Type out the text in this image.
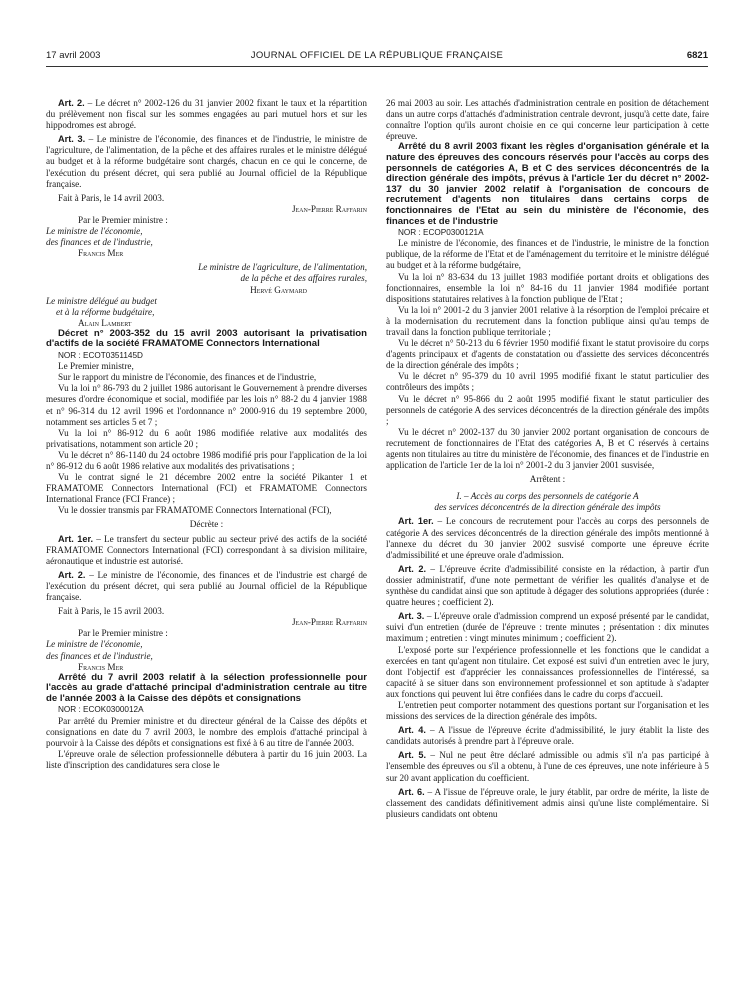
17 avril 2003	JOURNAL OFFICIEL DE LA RÉPUBLIQUE FRANÇAISE	6821

Art. 2. – Le décret n° 2002-126 du 31 janvier 2002 fixant le taux et la répartition du prélèvement non fiscal sur les sommes engagées au pari mutuel hors et sur les hippodromes est abrogé.

Art. 3. – Le ministre de l'économie, des finances et de l'industrie, le ministre de l'agriculture, de l'alimentation, de la pêche et des affaires rurales et le ministre délégué au budget et à la réforme budgétaire sont chargés, chacun en ce qui le concerne, de l'exécution du présent décret, qui sera publié au Journal officiel de la République française.

Fait à Paris, le 14 avril 2003.

Jean-Pierre Raffarin

Par le Premier ministre :

Le ministre de l'économie,

des finances et de l'industrie,

Francis Mer

Le ministre de l'agriculture, de l'alimentation,

de la pêche et des affaires rurales,

Hervé Gaymard

Le ministre délégué au budget

et à la réforme budgétaire,

Alain Lambert

Décret n° 2003-352 du 15 avril 2003 autorisant la privatisation d'actifs de la société FRAMATOME Connectors International

NOR : ECOT0351145D

Le Premier ministre,

Sur le rapport du ministre de l'économie, des finances et de l'industrie,

Vu la loi n° 86-793 du 2 juillet 1986 autorisant le Gouvernement à prendre diverses mesures d'ordre économique et social, modifiée par les lois n° 88-2 du 4 janvier 1988 et n° 96-314 du 12 avril 1996 et l'ordonnance n° 2000-916 du 19 septembre 2000, notamment ses articles 5 et 7 ;

Vu la loi n° 86-912 du 6 août 1986 modifiée relative aux modalités des privatisations, notamment son article 20 ;

Vu le décret n° 86-1140 du 24 octobre 1986 modifié pris pour l'application de la loi n° 86-912 du 6 août 1986 relative aux modalités des privatisations ;

Vu le contrat signé le 21 décembre 2002 entre la société Pikanter 1 et FRAMATOME Connectors International (FCI) et FRAMATOME Connectors International France (FCI France) ;

Vu le dossier transmis par FRAMATOME Connectors International (FCI),

Décrète :

Art. 1er. – Le transfert du secteur public au secteur privé des actifs de la société FRAMATOME Connectors International (FCI) correspondant à sa division militaire, aéronautique et industrie est autorisé.

Art. 2. – Le ministre de l'économie, des finances et de l'industrie est chargé de l'exécution du présent décret, qui sera publié au Journal officiel de la République française.

Fait à Paris, le 15 avril 2003.

Jean-Pierre Raffarin

Par le Premier ministre :

Le ministre de l'économie,

des finances et de l'industrie,

Francis Mer

Arrêté du 7 avril 2003 relatif à la sélection professionnelle pour l'accès au grade d'attaché principal d'administration centrale au titre de l'année 2003 à la Caisse des dépôts et consignations

NOR : ECOK0300012A

Par arrêté du Premier ministre et du directeur général de la Caisse des dépôts et consignations en date du 7 avril 2003, le nombre des emplois d'attaché principal à pourvoir à la Caisse des dépôts et consignations est fixé à 6 au titre de l'année 2003.

L'épreuve orale de sélection professionnelle débutera à partir du 16 juin 2003. La liste d'inscription des candidatures sera close le

26 mai 2003 au soir. Les attachés d'administration centrale en position de détachement dans un autre corps d'attachés d'administration centrale devront, jusqu'à cette date, faire connaître l'option qu'ils auront choisie en ce qui concerne leur participation à cette épreuve.

Arrêté du 8 avril 2003 fixant les règles d'organisation générale et la nature des épreuves des concours réservés pour l'accès au corps des personnels de catégories A, B et C des services déconcentrés de la direction générale des impôts, prévus à l'article 1er du décret n° 2002-137 du 30 janvier 2002 relatif à l'organisation de concours de recrutement d'agents non titulaires dans certains corps de fonctionnaires de l'Etat au sein du ministère de l'économie, des finances et de l'industrie

NOR : ECOP0300121A

Le ministre de l'économie, des finances et de l'industrie, le ministre de la fonction publique, de la réforme de l'Etat et de l'aménagement du territoire et le ministre délégué au budget et à la réforme budgétaire,

Vu la loi n° 83-634 du 13 juillet 1983 modifiée portant droits et obligations des fonctionnaires, ensemble la loi n° 84-16 du 11 janvier 1984 modifiée portant dispositions statutaires relatives à la fonction publique de l'Etat ;

Vu la loi n° 2001-2 du 3 janvier 2001 relative à la résorption de l'emploi précaire et à la modernisation du recrutement dans la fonction publique ainsi qu'au temps de travail dans la fonction publique territoriale ;

Vu le décret n° 50-213 du 6 février 1950 modifié fixant le statut provisoire du corps d'agents principaux et d'agents de constatation ou d'assiette des services déconcentrés de la direction générale des impôts ;

Vu le décret n° 95-379 du 10 avril 1995 modifié fixant le statut particulier des contrôleurs des impôts ;

Vu le décret n° 95-866 du 2 août 1995 modifié fixant le statut particulier des personnels de catégorie A des services déconcentrés de la direction générale des impôts ;

Vu le décret n° 2002-137 du 30 janvier 2002 portant organisation de concours de recrutement de fonctionnaires de l'Etat des catégories A, B et C réservés à certains agents non titulaires au titre du ministère de l'économie, des finances et de l'industrie en application de l'article 1er de la loi n° 2001-2 du 3 janvier 2001 susvisée,

Arrêtent :

I. – Accès au corps des personnels de catégorie A

des services déconcentrés de la direction générale des impôts

Art. 1er. – Le concours de recrutement pour l'accès au corps des personnels de catégorie A des services déconcentrés de la direction générale des impôts mentionné à l'annexe du décret du 30 janvier 2002 susvisé comporte une épreuve écrite d'admissibilité et une épreuve orale d'admission.

Art. 2. – L'épreuve écrite d'admissibilité consiste en la rédaction, à partir d'un dossier administratif, d'une note permettant de vérifier les qualités d'analyse et de synthèse du candidat ainsi que son aptitude à dégager des solutions appropriées (durée : quatre heures ; coefficient 2).

Art. 3. – L'épreuve orale d'admission comprend un exposé présenté par le candidat, suivi d'un entretien (durée de l'épreuve : trente minutes ; présentation : dix minutes maximum ; entretien : vingt minutes minimum ; coefficient 2).

L'exposé porte sur l'expérience professionnelle et les fonctions que le candidat a exercées en tant qu'agent non titulaire. Cet exposé est suivi d'un entretien avec le jury, dont l'objectif est d'apprécier les connaissances professionnelles de l'intéressé, sa capacité à se situer dans son environnement professionnel et son aptitude à s'adapter aux fonctions qui peuvent lui être confiées dans le cadre du corps d'accueil.

L'entretien peut comporter notamment des questions portant sur l'organisation et les missions des services de la direction générale des impôts.

Art. 4. – A l'issue de l'épreuve écrite d'admissibilité, le jury établit la liste des candidats autorisés à prendre part à l'épreuve orale.

Art. 5. – Nul ne peut être déclaré admissible ou admis s'il n'a pas participé à l'ensemble des épreuves ou s'il a obtenu, à l'une de ces épreuves, une note inférieure à 5 sur 20 avant application du coefficient.

Art. 6. – A l'issue de l'épreuve orale, le jury établit, par ordre de mérite, la liste de classement des candidats définitivement admis ainsi qu'une liste complémentaire. Si plusieurs candidats ont obtenu
